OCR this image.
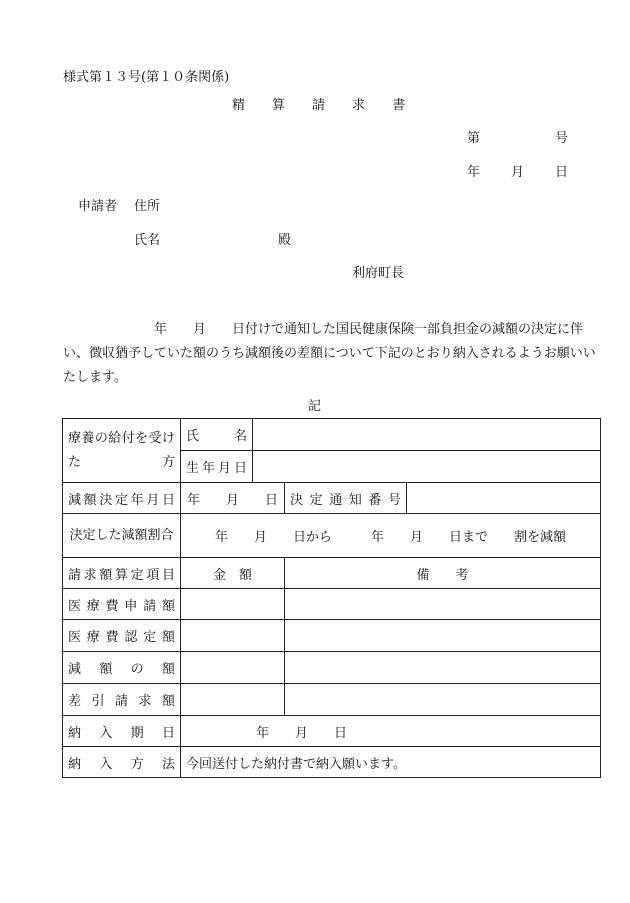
様式第１３号(第１０条関係)
精 算 請 求 書
第	号
年 月 日
申請者 住所
氏名	殿
利府町長
　　　　　　　年　　月　　日付けで通知した国民健康保険一部負担金の減額の決定に伴い、徴収猶予していた額のうち減額後の差額について下記のとおり納入されるようお願いいたします。
記
療養の給付を受けた方	氏　　名			
	生年月日			
減額決定年月日	年　　月　　日		決定通知番号	
決定した減額割合	年　　月　　日から　　　年　　月　　日まで　　割を減額			
請求額算定項目	金　額		備　　考	
医療費申請額				
医療費認定額				
減額の額				
差引請求額				
納入期日	年　　月　　日			
納入方法	今回送付した納付書で納入願います。			
